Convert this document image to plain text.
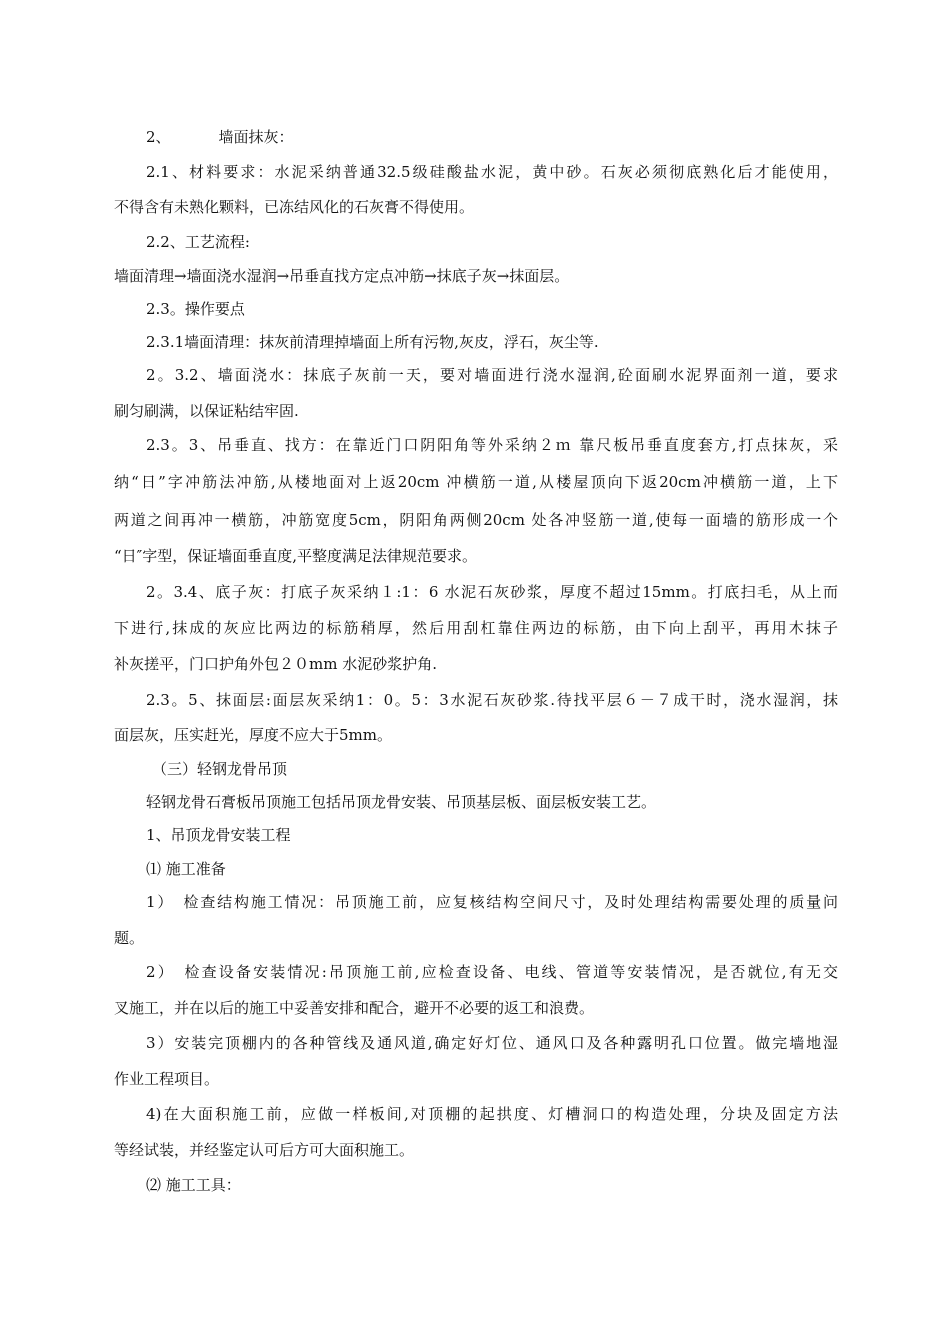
2、	墙面抹灰：
2.1、材料要求：水泥采纳普通32.5级硅酸盐水泥，黄中砂。石灰必须彻底熟化后才能使用，
不得含有未熟化颗料，已冻结风化的石灰膏不得使用。
2.2、工艺流程:
墙面清理→墙面浇水湿润→吊垂直找方定点冲筋→抹底子灰→抹面层。
2.3。操作要点
2.3.1墙面清理：抹灰前清理掉墙面上所有污物,灰皮，浮石，灰尘等.
2。3.2、墙面浇水：抹底子灰前一天，要对墙面进行浇水湿润,砼面刷水泥界面剂一道，要求
刷匀刷满，以保证粘结牢固.
2.3。3、吊垂直、找方：在靠近门口阴阳角等外采纳２ｍ 靠尺板吊垂直度套方,打点抹灰，采
纳“日”字冲筋法冲筋,从楼地面对上返20cm 冲横筋一道,从楼屋顶向下返20cm冲横筋一道，上下
两道之间再冲一横筋，冲筋宽度5cm，阴阳角两侧20cm 处各冲竖筋一道,使每一面墙的筋形成一个
“日″字型，保证墙面垂直度,平整度满足法律规范要求。
2。3.4、底子灰：打底子灰采纳１:1：6 水泥石灰砂浆，厚度不超过15mm。打底扫毛，从上而
下进行,抹成的灰应比两边的标筋稍厚，然后用刮杠靠住两边的标筋，由下向上刮平，再用木抹子
补灰搓平，门口护角外包２０mm 水泥砂浆护角.
2.3。5、抹面层:面层灰采纳1：0。5：3水泥石灰砂浆.待找平层６－７成干时，浇水湿润，抹
面层灰，压实赶光，厚度不应大于5mm。
（三）轻钢龙骨吊顶
轻钢龙骨石膏板吊顶施工包括吊顶龙骨安装、吊顶基层板、面层板安装工艺。
1、吊顶龙骨安装工程
⑴ 施工准备
1）　检查结构施工情况：吊顶施工前，应复核结构空间尺寸，及时处理结构需要处理的质量问
题。
2）　检查设备安装情况:吊顶施工前,应检查设备、电线、管道等安装情况，是否就位,有无交
叉施工，并在以后的施工中妥善安排和配合，避开不必要的返工和浪费。
3）安装完顶棚内的各种管线及通风道,确定好灯位、通风口及各种露明孔口位置。做完墙地湿
作业工程项目。
4)在大面积施工前，应做一样板间,对顶棚的起拱度、灯槽洞口的构造处理，分块及固定方法
等经试装，并经鉴定认可后方可大面积施工。
⑵ 施工工具：
